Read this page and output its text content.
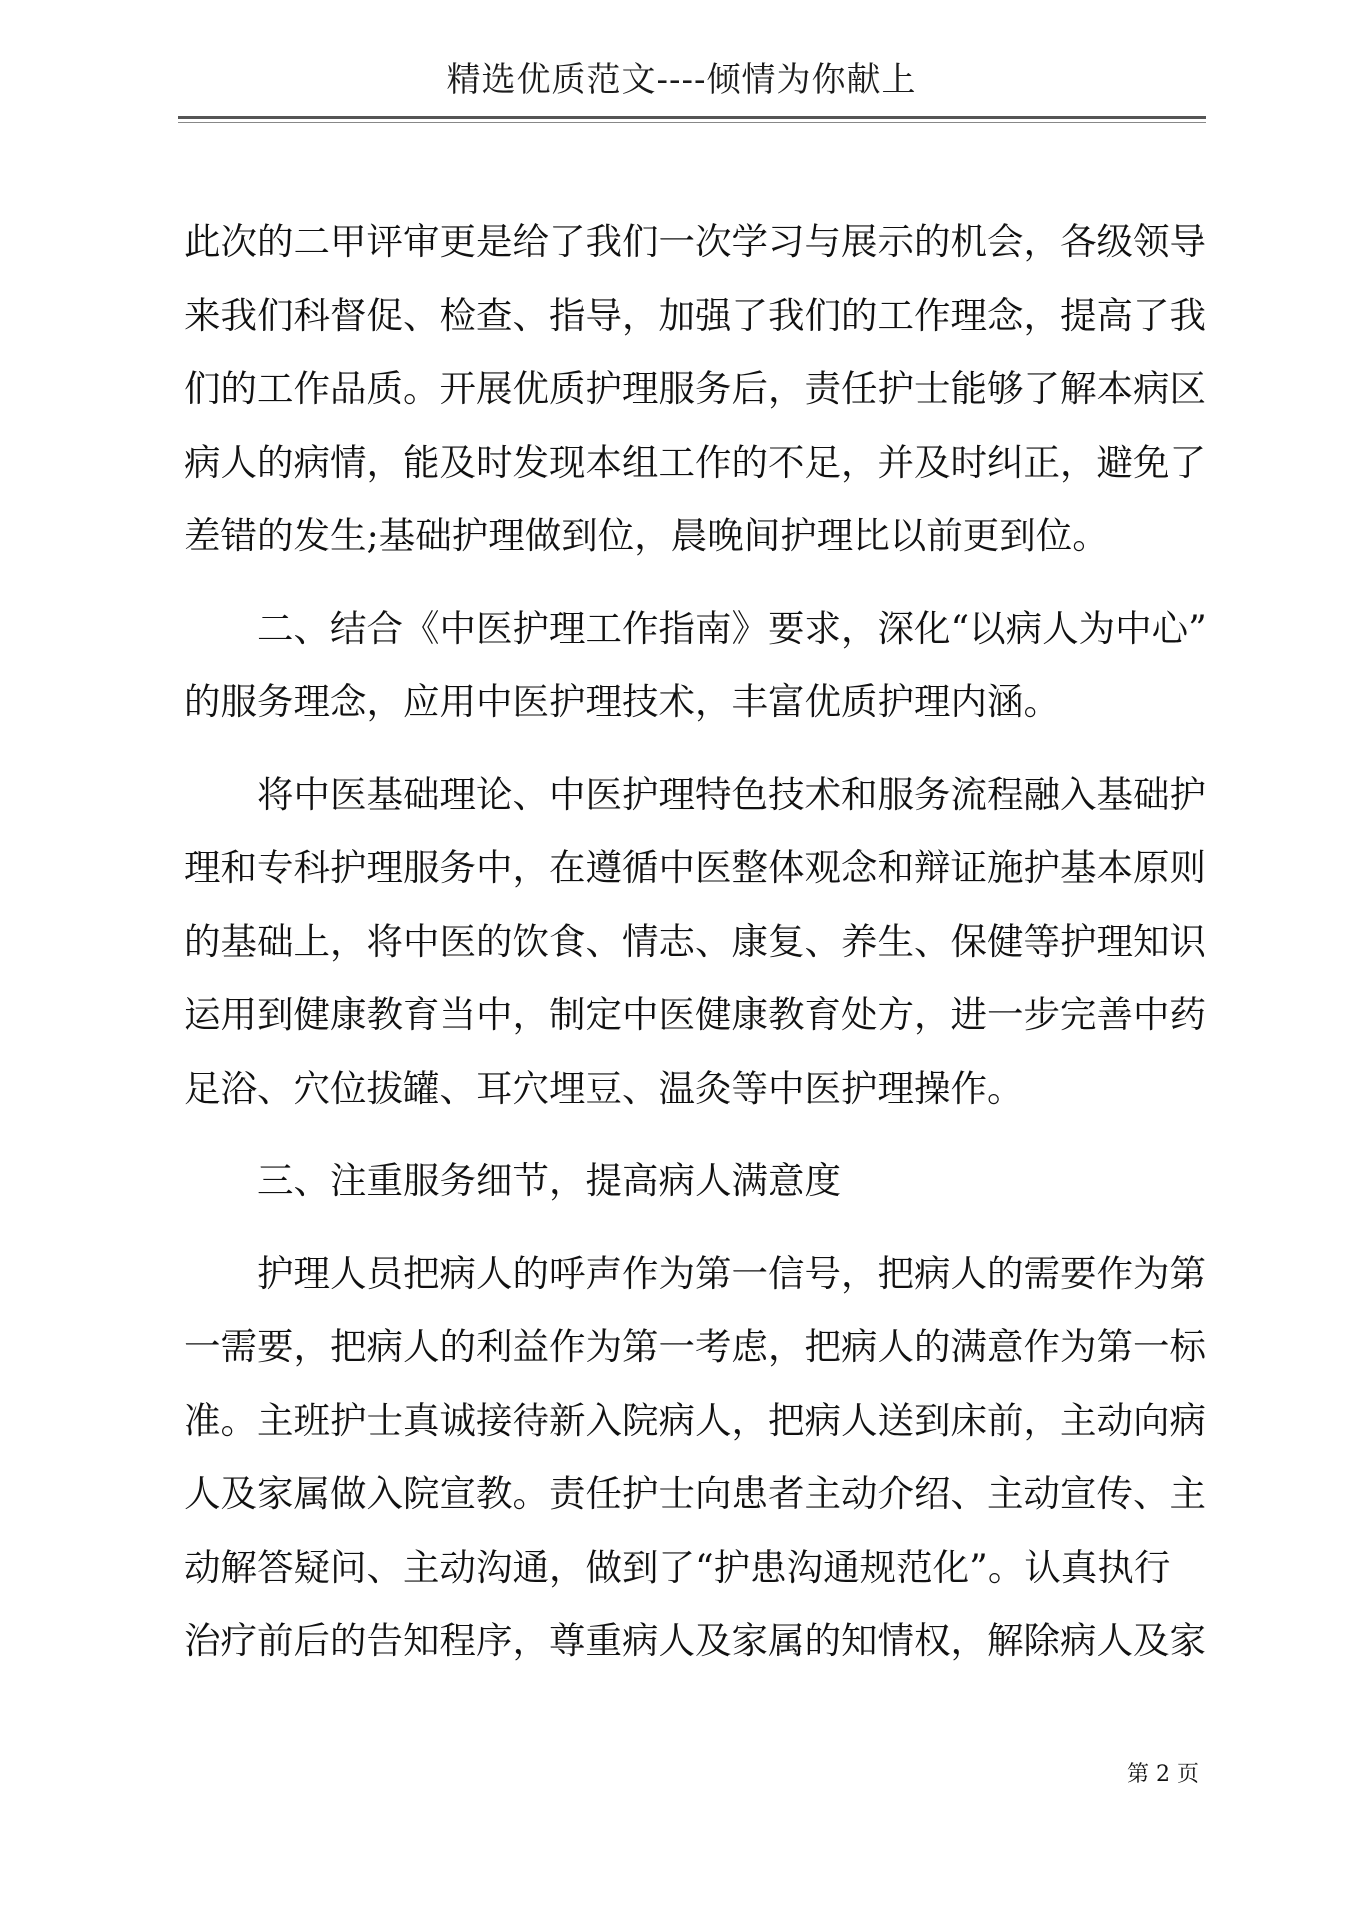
精选优质范文----倾情为你献上

此次的二甲评审更是给了我们一次学习与展示的机会，各级领导
来我们科督促、检查、指导，加强了我们的工作理念，提高了我
们的工作品质。开展优质护理服务后，责任护士能够了解本病区
病人的病情，能及时发现本组工作的不足，并及时纠正，避免了
差错的发生;基础护理做到位，晨晚间护理比以前更到位。

二、结合《中医护理工作指南》要求，深化“以病人为中心”
的服务理念，应用中医护理技术，丰富优质护理内涵。

将中医基础理论、中医护理特色技术和服务流程融入基础护
理和专科护理服务中，在遵循中医整体观念和辩证施护基本原则
的基础上，将中医的饮食、情志、康复、养生、保健等护理知识
运用到健康教育当中，制定中医健康教育处方，进一步完善中药
足浴、穴位拔罐、耳穴埋豆、温灸等中医护理操作。

三、注重服务细节，提高病人满意度

护理人员把病人的呼声作为第一信号，把病人的需要作为第
一需要，把病人的利益作为第一考虑，把病人的满意作为第一标
准。主班护士真诚接待新入院病人，把病人送到床前，主动向病
人及家属做入院宣教。责任护士向患者主动介绍、主动宣传、主
动解答疑问、主动沟通，做到了“护患沟通规范化”。认真执行
治疗前后的告知程序，尊重病人及家属的知情权，解除病人及家

第 2 页
